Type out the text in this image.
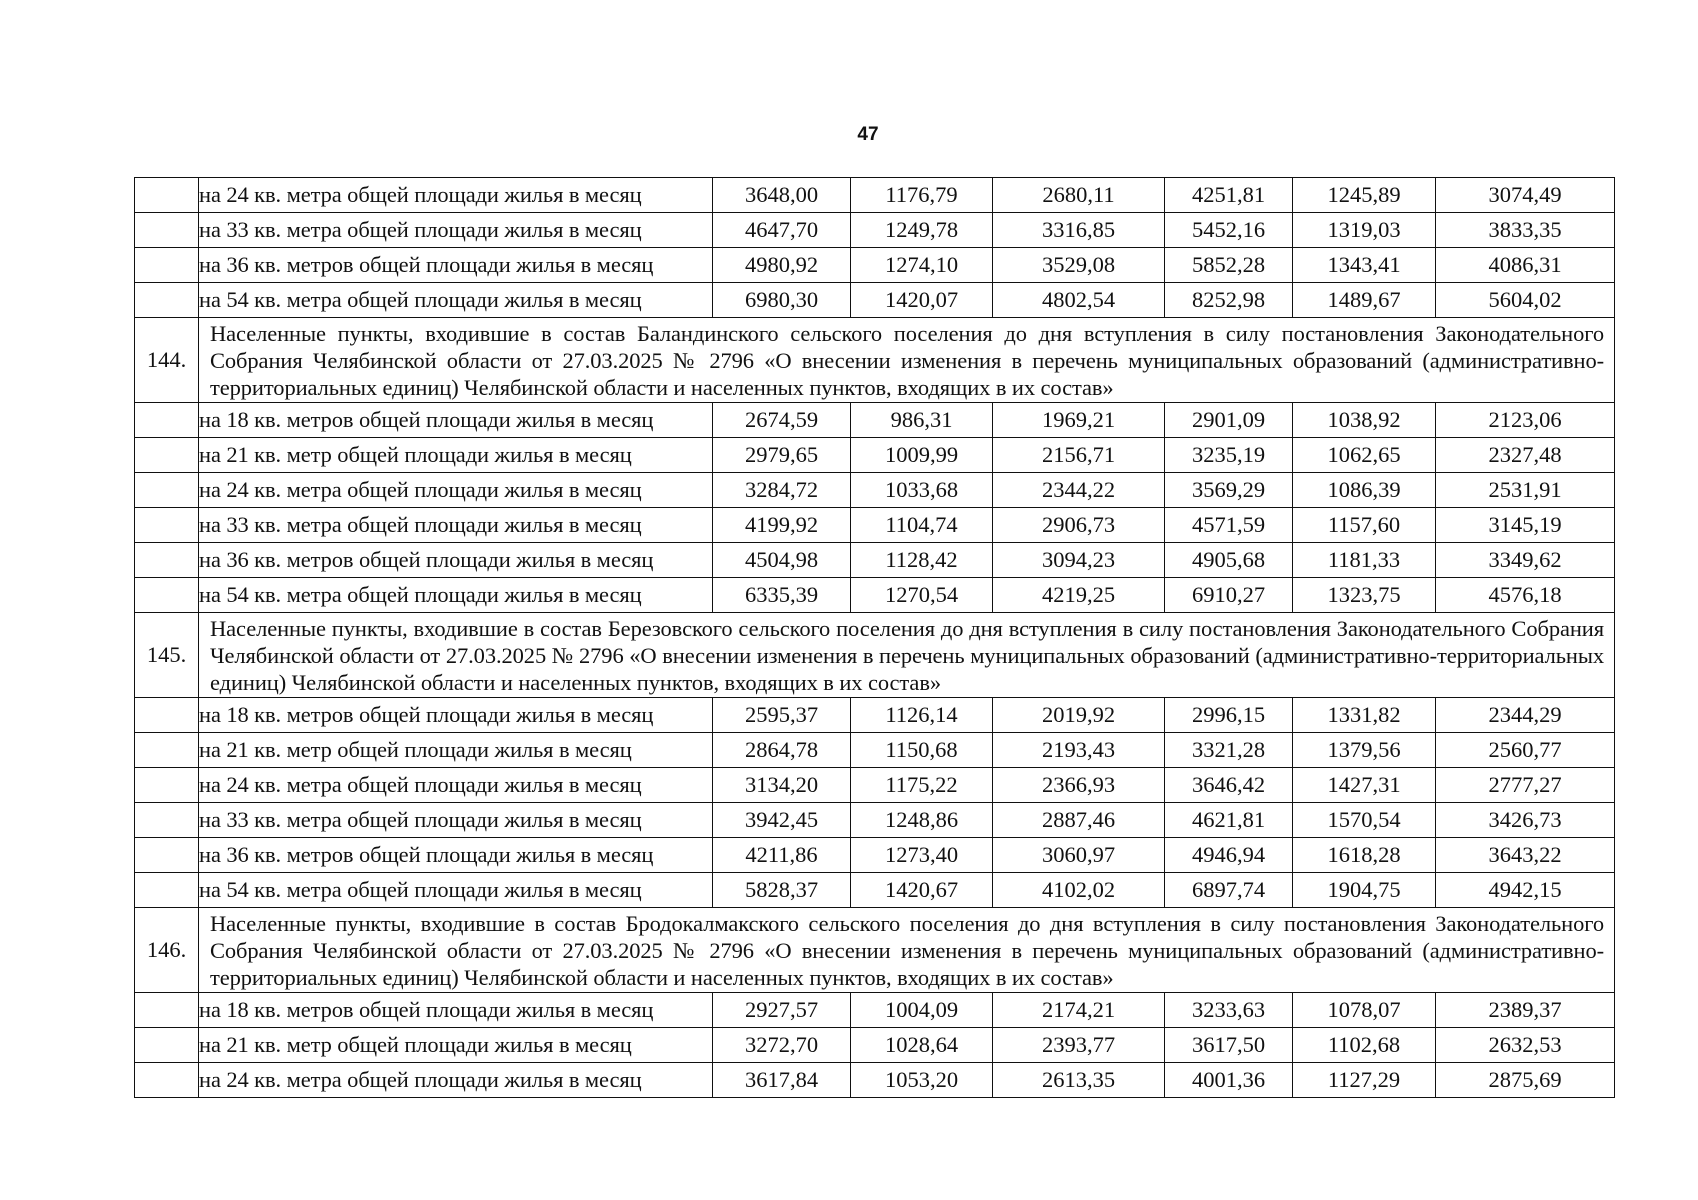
47
	на 24 кв. метра общей площади жилья в месяц	3648,00	1176,79	2680,11	4251,81	1245,89	3074,49
	на 33 кв. метра общей площади жилья в месяц	4647,70	1249,78	3316,85	5452,16	1319,03	3833,35
	на 36 кв. метров общей площади жилья в месяц	4980,92	1274,10	3529,08	5852,28	1343,41	4086,31
	на 54 кв. метра общей площади жилья в месяц	6980,30	1420,07	4802,54	8252,98	1489,67	5604,02
144.	Населенные пункты, входившие в состав Баландинского сельского поселения до дня вступления в силу постановления Законодательного Собрания Челябинской области от 27.03.2025 № 2796 «О внесении изменения в перечень муниципальных образований (административно-территориальных единиц) Челябинской области и населенных пунктов, входящих в их состав»						
	на 18 кв. метров общей площади жилья в месяц	2674,59	986,31	1969,21	2901,09	1038,92	2123,06
	на 21 кв. метр общей площади жилья в месяц	2979,65	1009,99	2156,71	3235,19	1062,65	2327,48
	на 24 кв. метра общей площади жилья в месяц	3284,72	1033,68	2344,22	3569,29	1086,39	2531,91
	на 33 кв. метра общей площади жилья в месяц	4199,92	1104,74	2906,73	4571,59	1157,60	3145,19
	на 36 кв. метров общей площади жилья в месяц	4504,98	1128,42	3094,23	4905,68	1181,33	3349,62
	на 54 кв. метра общей площади жилья в месяц	6335,39	1270,54	4219,25	6910,27	1323,75	4576,18
145.	Населенные пункты, входившие в состав Березовского сельского поселения до дня вступления в силу постановления Законодательного Собрания Челябинской области от 27.03.2025 № 2796 «О внесении изменения в перечень муниципальных образований (административно-территориальных единиц) Челябинской области и населенных пунктов, входящих в их состав»						
	на 18 кв. метров общей площади жилья в месяц	2595,37	1126,14	2019,92	2996,15	1331,82	2344,29
	на 21 кв. метр общей площади жилья в месяц	2864,78	1150,68	2193,43	3321,28	1379,56	2560,77
	на 24 кв. метра общей площади жилья в месяц	3134,20	1175,22	2366,93	3646,42	1427,31	2777,27
	на 33 кв. метра общей площади жилья в месяц	3942,45	1248,86	2887,46	4621,81	1570,54	3426,73
	на 36 кв. метров общей площади жилья в месяц	4211,86	1273,40	3060,97	4946,94	1618,28	3643,22
	на 54 кв. метра общей площади жилья в месяц	5828,37	1420,67	4102,02	6897,74	1904,75	4942,15
146.	Населенные пункты, входившие в состав Бродокалмакского сельского поселения до дня вступления в силу постановления Законодательного Собрания Челябинской области от 27.03.2025 № 2796 «О внесении изменения в перечень муниципальных образований (административно-территориальных единиц) Челябинской области и населенных пунктов, входящих в их состав»						
	на 18 кв. метров общей площади жилья в месяц	2927,57	1004,09	2174,21	3233,63	1078,07	2389,37
	на 21 кв. метр общей площади жилья в месяц	3272,70	1028,64	2393,77	3617,50	1102,68	2632,53
	на 24 кв. метра общей площади жилья в месяц	3617,84	1053,20	2613,35	4001,36	1127,29	2875,69
